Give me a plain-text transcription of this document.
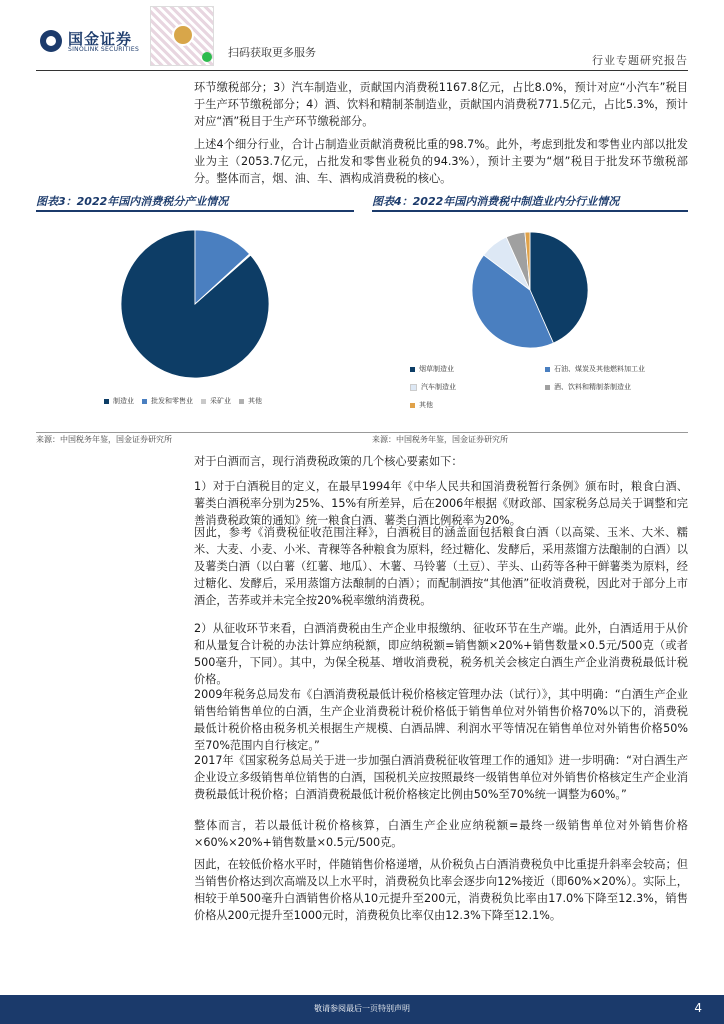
国金证券
SINOLINK SECURITIES	扫码获取更多服务
行业专题研究报告
环节缴税部分；3）汽车制造业，贡献国内消费税1167.8亿元，占比8.0%，预计对应“小汽车”税目于生产环节缴税部分；4）酒、饮料和精制茶制造业，贡献国内消费税771.5亿元，占比5.3%，预计对应“酒”税目于生产环节缴税部分。
上述4个细分行业，合计占制造业贡献消费税比重的98.7%。此外，考虑到批发和零售业内部以批发业为主（2053.7亿元，占批发和零售业税负的94.3%），预计主要为“烟”税目于批发环节缴税部分。整体而言，烟、油、车、酒构成消费税的核心。
图表3：2022年国内消费税分产业情况
制造业 批发和零售业 采矿业 其他
图表4：2022年国内消费税中制造业内分行业情况
烟草制造业	石油、煤炭及其他燃料加工业
汽车制造业	酒、饮料和精制茶制造业
其他
来源：中国税务年鉴，国金证券研究所	来源：中国税务年鉴，国金证券研究所
对于白酒而言，现行消费税政策的几个核心要素如下：
1）对于白酒税目的定义，在最早1994年《中华人民共和国消费税暂行条例》颁布时，粮食白酒、薯类白酒税率分别为25%、15%有所差异，后在2006年根据《财政部、国家税务总局关于调整和完善消费税政策的通知》统一粮食白酒、薯类白酒比例税率为20%。
因此，参考《消费税征收范围注释》，白酒税目的涵盖面包括粮食白酒（以高粱、玉米、大米、糯米、大麦、小麦、小米、青稞等各种粮食为原料，经过糖化、发酵后，采用蒸馏方法酿制的白酒）以及薯类白酒（以白薯（红薯、地瓜）、木薯、马铃薯（土豆）、芋头、山药等各种干鲜薯类为原料，经过糖化、发酵后，采用蒸馏方法酿制的白酒）；而配制酒按“其他酒”征收消费税，因此对于部分上市酒企，苦荞或并未完全按20%税率缴纳消费税。
2）从征收环节来看，白酒消费税由生产企业申报缴纳、征收环节在生产端。此外，白酒适用于从价和从量复合计税的办法计算应纳税额，即应纳税额=销售额×20%+销售数量×0.5元/500克（或者500毫升，下同）。其中，为保全税基、增收消费税，税务机关会核定白酒生产企业消费税最低计税价格。
2009年税务总局发布《白酒消费税最低计税价格核定管理办法（试行）》，其中明确：“白酒生产企业销售给销售单位的白酒，生产企业消费税计税价格低于销售单位对外销售价格70%以下的，消费税最低计税价格由税务机关根据生产规模、白酒品牌、利润水平等情况在销售单位对外销售价格50%至70%范围内自行核定。”
2017年《国家税务总局关于进一步加强白酒消费税征收管理工作的通知》进一步明确：“对白酒生产企业设立多级销售单位销售的白酒，国税机关应按照最终一级销售单位对外销售价格核定生产企业消费税最低计税价格；白酒消费税最低计税价格核定比例由50%至70%统一调整为60%。”
整体而言，若以最低计税价格核算，白酒生产企业应纳税额=最终一级销售单位对外销售价格×60%×20%+销售数量×0.5元/500克。
因此，在较低价格水平时，伴随销售价格递增，从价税负占白酒消费税负中比重提升斜率会较高；但当销售价格达到次高端及以上水平时，消费税负比率会逐步向12%接近（即60%×20%）。实际上，相较于单500毫升白酒销售价格从10元提升至200元，消费税负比率由17.0%下降至12.3%，销售价格从200元提升至1000元时，消费税负比率仅由12.3%下降至12.1%。
敬请参阅最后一页特别声明	4
